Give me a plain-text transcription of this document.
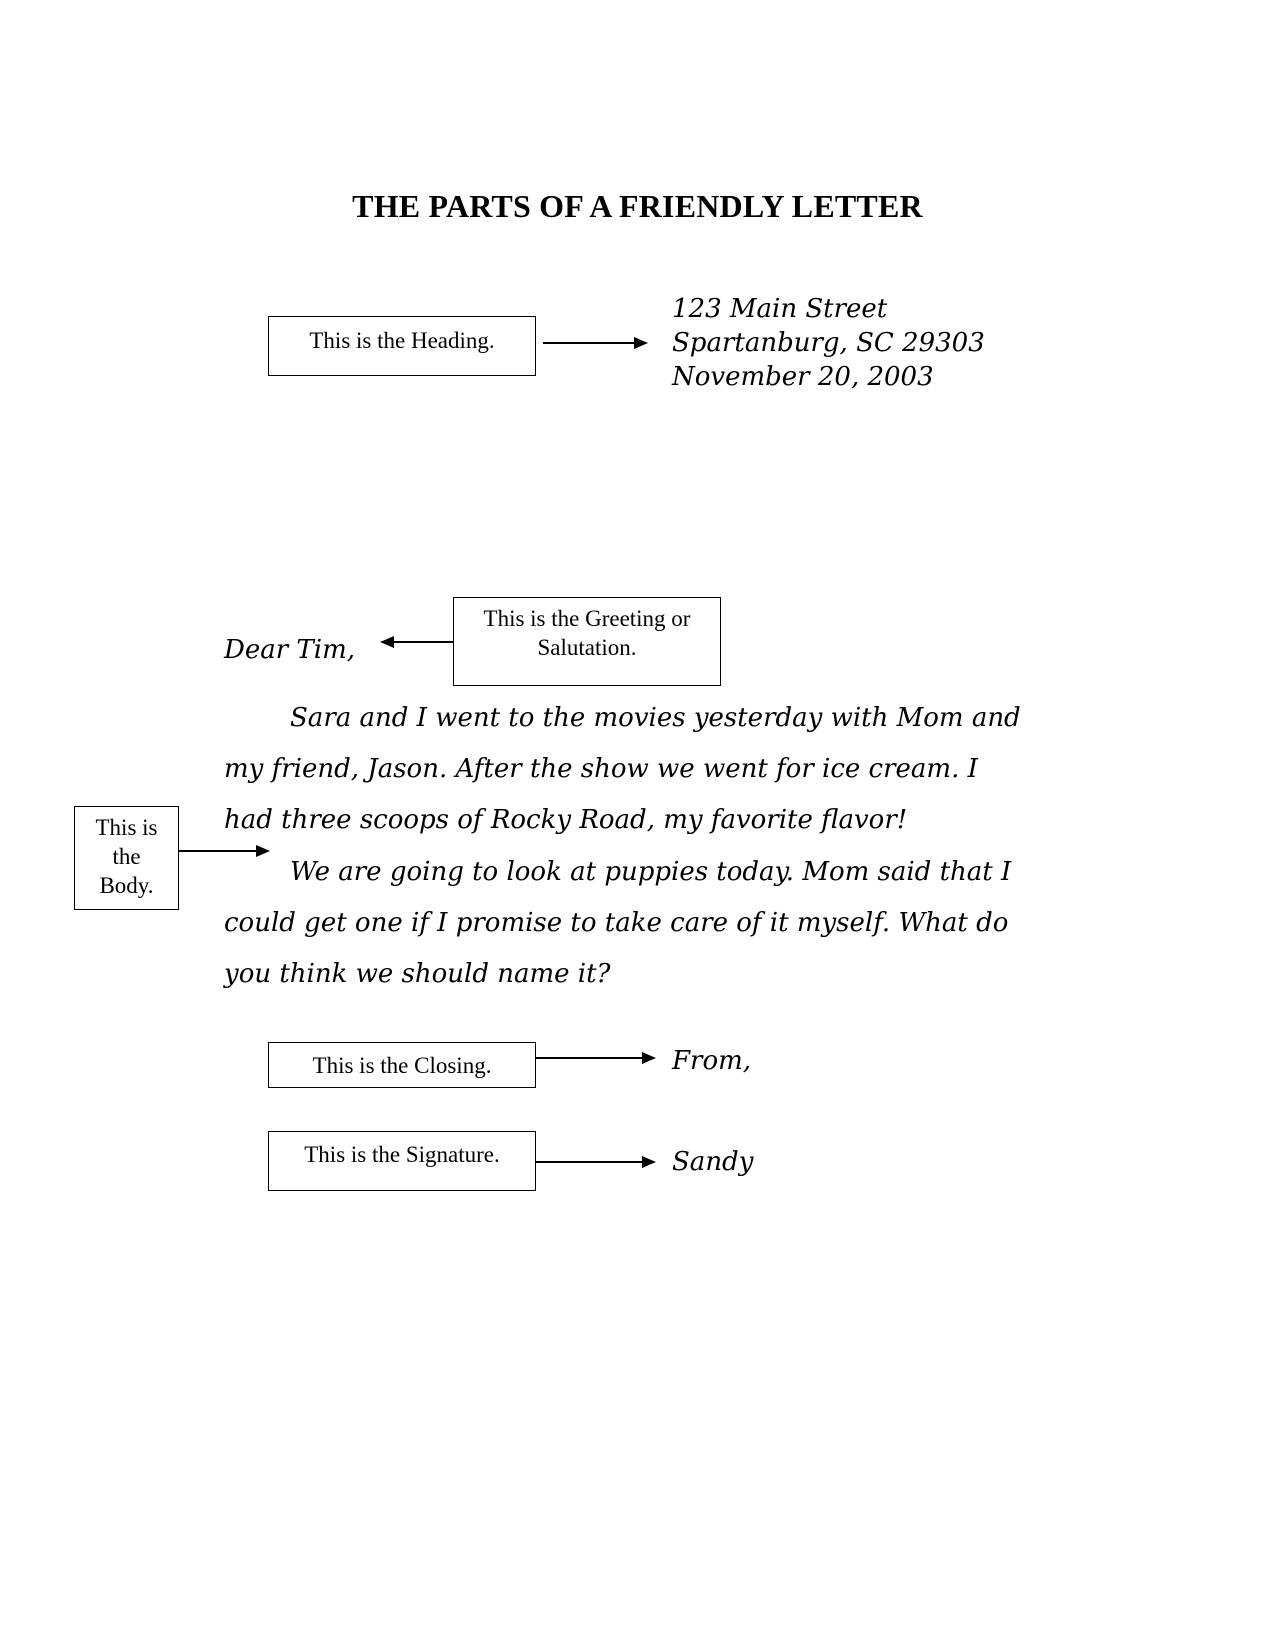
THE PARTS OF A FRIENDLY LETTER
This is the Heading.
123 Main Street
Spartanburg, SC 29303
November 20, 2003
This is the Greeting or
Salutation.
Dear Tim,
This is
the
Body.
Sara and I went to the movies yesterday with Mom and
my friend, Jason. After the show we went for ice cream. I
had three scoops of Rocky Road, my favorite flavor!
We are going to look at puppies today. Mom said that I
could get one if I promise to take care of it myself. What do
you think we should name it?
This is the Closing.	From,
This is the Signature.	Sandy
